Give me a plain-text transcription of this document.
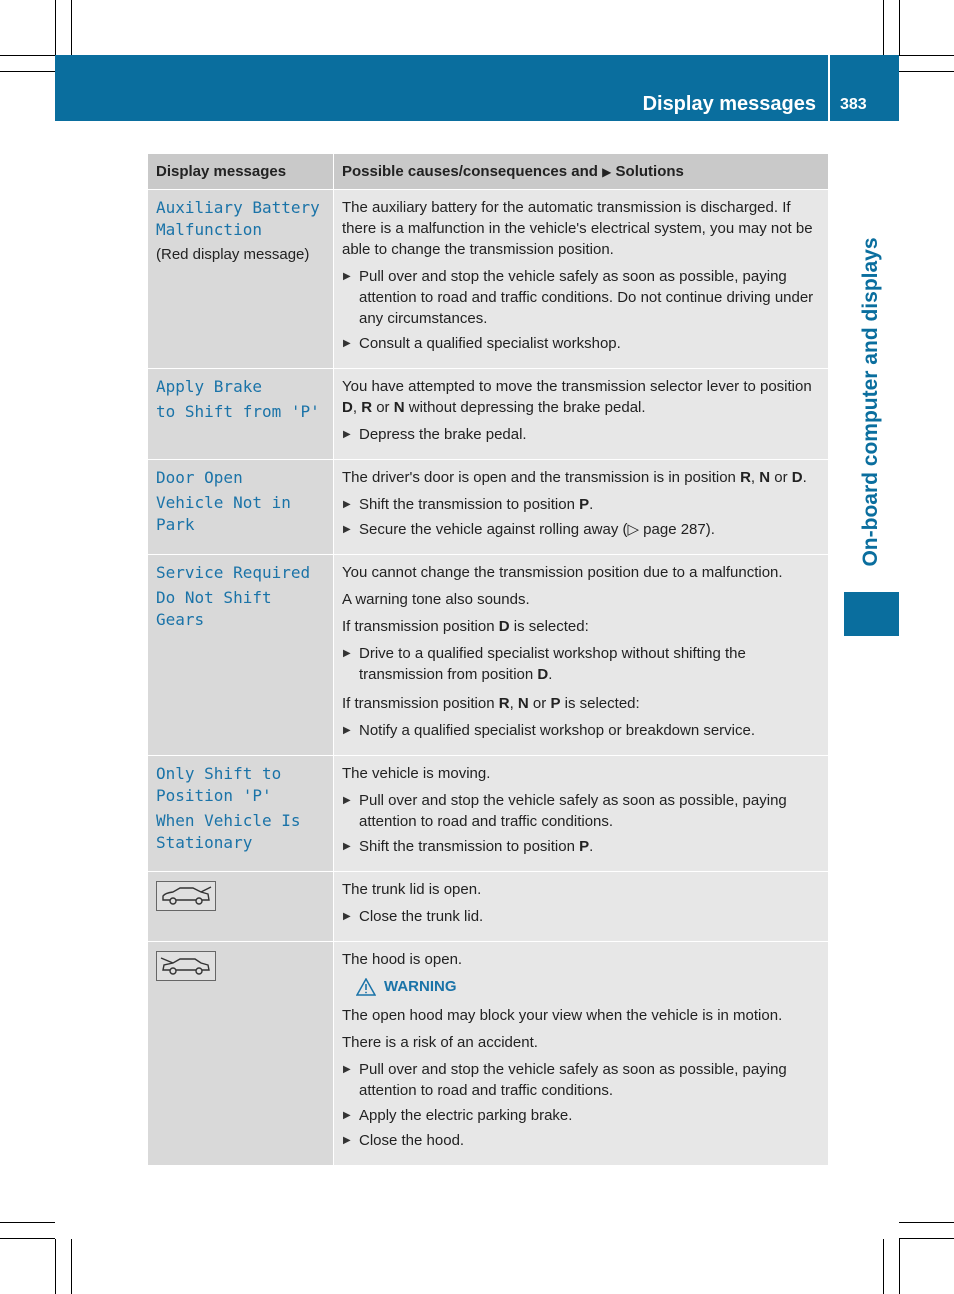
Display messages 383
On-board computer and displays
Display messages	Possible causes/consequences and ▶ Solutions
Auxiliary Battery
Malfunction
(Red display message)

The auxiliary battery for the automatic transmission is discharged. If there is a malfunction in the vehicle's electrical system, you may not be able to change the transmission position.

▶ Pull over and stop the vehicle safely as soon as possible, paying attention to road and traffic conditions. Do not continue driving under any circumstances.
▶ Consult a qualified specialist workshop.
Apply Brake
to Shift from 'P'

You have attempted to move the transmission selector lever to position D, R or N without depressing the brake pedal.

▶ Depress the brake pedal.
Door Open
Vehicle Not in Park

The driver's door is open and the transmission is in position R, N or D.

▶ Shift the transmission to position P.
▶ Secure the vehicle against rolling away (▷ page 287).
Service Required
Do Not Shift Gears

You cannot change the transmission position due to a malfunction.

A warning tone also sounds.

If transmission position D is selected:

▶ Drive to a qualified specialist workshop without shifting the transmission from position D.

If transmission position R, N or P is selected:

▶ Notify a qualified specialist workshop or breakdown service.
Only Shift to Position 'P'
When Vehicle Is Stationary

The vehicle is moving.

▶ Pull over and stop the vehicle safely as soon as possible, paying attention to road and traffic conditions.
▶ Shift the transmission to position P.

The trunk lid is open.

▶ Close the trunk lid.

The hood is open.

WARNING

The open hood may block your view when the vehicle is in motion.

There is a risk of an accident.

▶ Pull over and stop the vehicle safely as soon as possible, paying attention to road and traffic conditions.
▶ Apply the electric parking brake.
▶ Close the hood.
